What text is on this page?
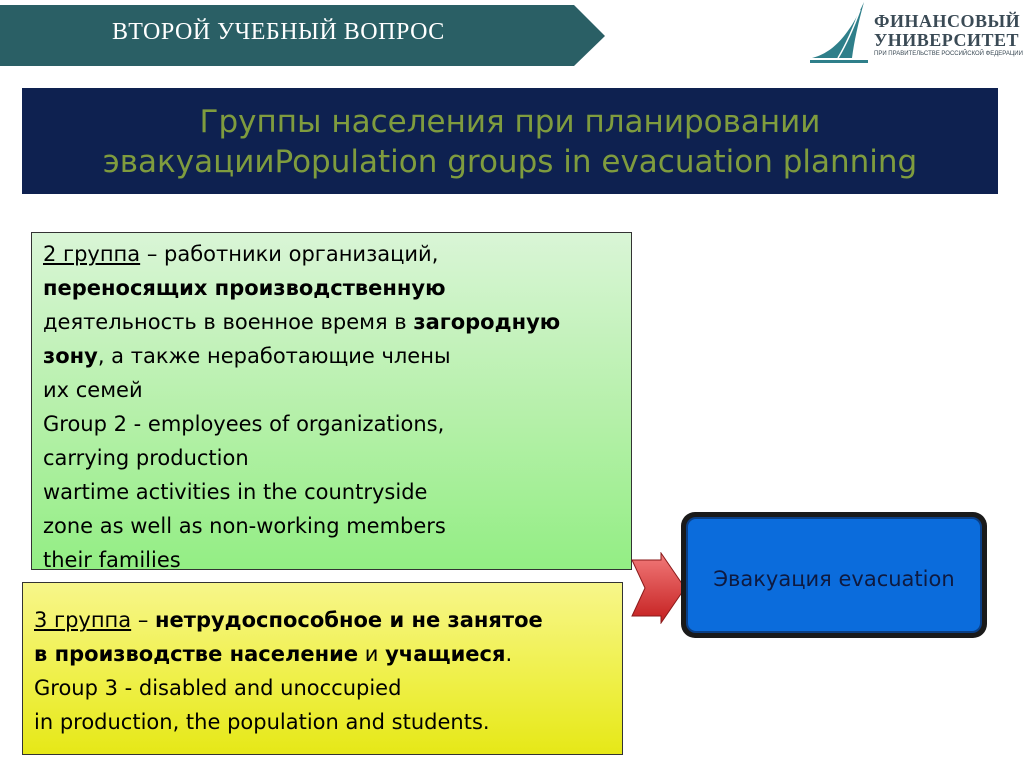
ВТОРОЙ УЧЕБНЫЙ ВОПРОС	ФИНАНСОВЫЙ
УНИВЕРСИТЕТ
ПРИ ПРАВИТЕЛЬСТВЕ РОССИЙСКОЙ ФЕДЕРАЦИИ
Группы населения при планировании
эвакуацииPopulation groups in evacuation planning
2 группа – работники организаций,
переносящих производственную
деятельность в военное время в загородную
зону, а также неработающие члены
их семей
Group 2 - employees of organizations,
carrying production
wartime activities in the countryside
zone as well as non-working members
their families
3 группа – нетрудоспособное и не занятое
в производстве население и учащиеся.
Group 3 - disabled and unoccupied
in production, the population and students.
Эвакуация evacuation
